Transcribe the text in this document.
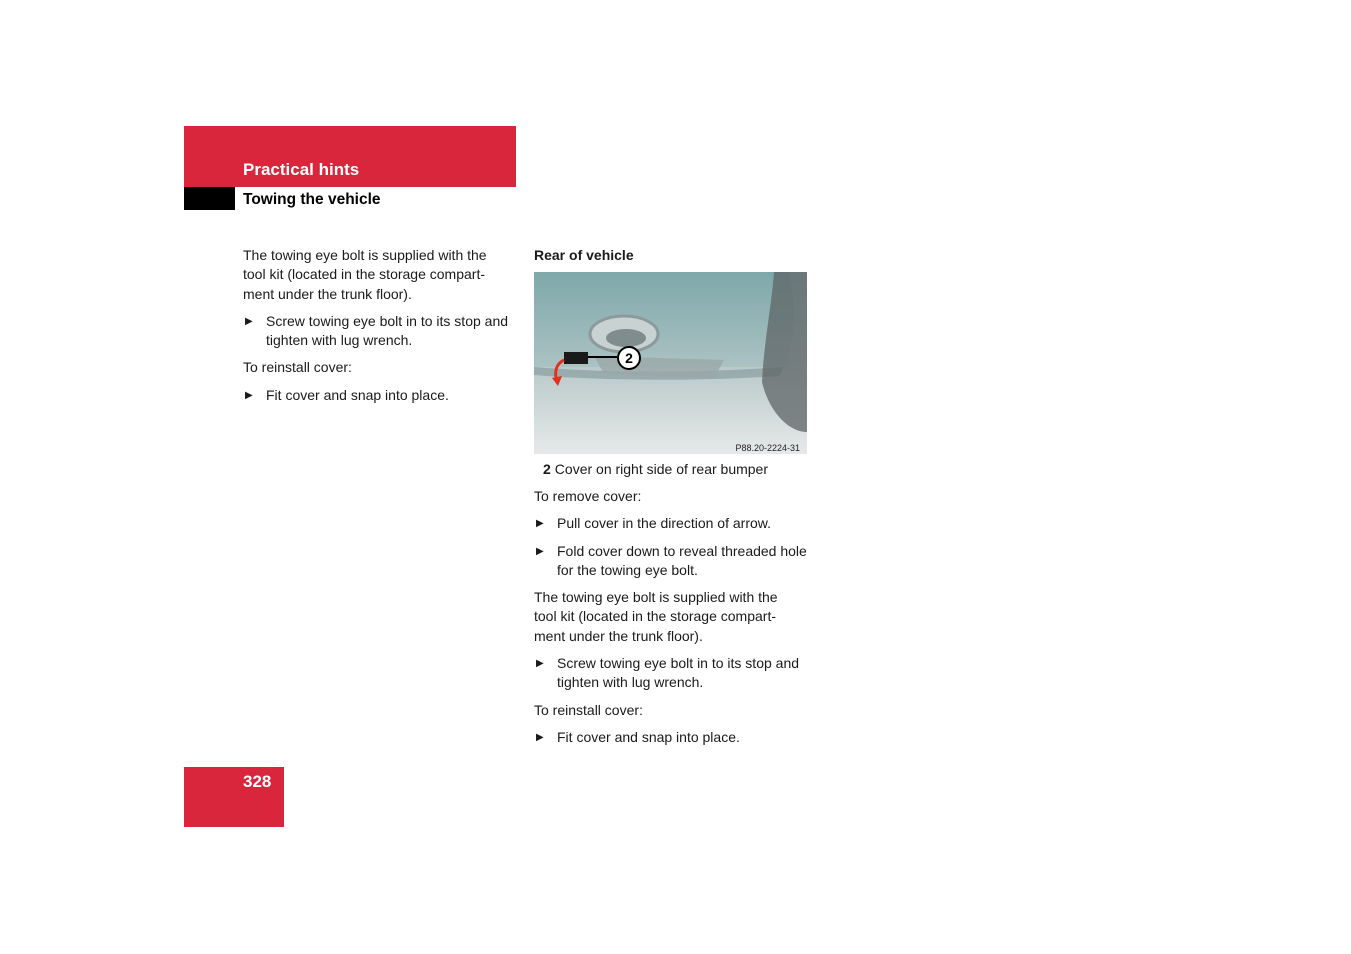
Practical hints
Towing the vehicle

The towing eye bolt is supplied with the tool kit (located in the storage compart-ment under the trunk floor).

▶ Screw towing eye bolt in to its stop and tighten with lug wrench.

To reinstall cover:

▶ Fit cover and snap into place.
Rear of vehicle
2
P88.20-2224-31
2 Cover on right side of rear bumper

To remove cover:

▶ Pull cover in the direction of arrow.
▶ Fold cover down to reveal threaded hole for the towing eye bolt.

The towing eye bolt is supplied with the tool kit (located in the storage compart-ment under the trunk floor).

▶ Screw towing eye bolt in to its stop and tighten with lug wrench.

To reinstall cover:

▶ Fit cover and snap into place.
328
